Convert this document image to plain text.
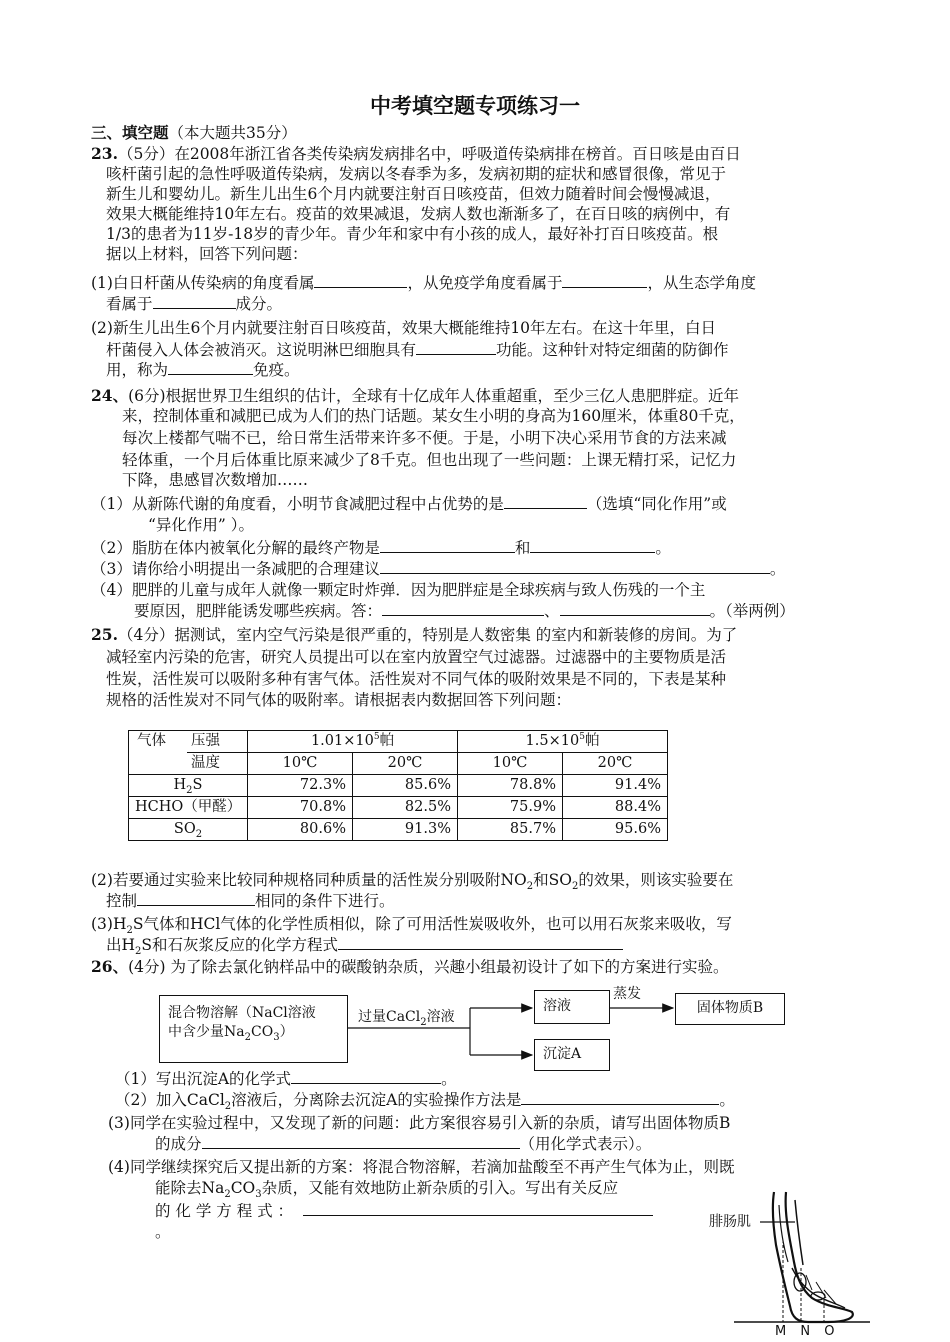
中考填空题专项练习一
三、填空题（本大题共35分）
23.（5分）在2008年浙江省各类传染病发病排名中，呼吸道传染病排在榜首。百日咳是由百日
咳杆菌引起的急性呼吸道传染病，发病以冬春季为多，发病初期的症状和感冒很像，常见于
新生儿和婴幼儿。新生儿出生6个月内就要注射百日咳疫苗，但效力随着时间会慢慢减退，
效果大概能维持10年左右。疫苗的效果减退，发病人数也渐渐多了，在百日咳的病例中，有
1/3的患者为11岁-18岁的青少年。青少年和家中有小孩的成人，最好补打百日咳疫苗。根
据以上材料，回答下列问题：
(1)白日杆菌从传染病的角度看属	，从免疫学角度看属于	，从生态学角度
看属于	成分。
(2)新生儿出生6个月内就要注射百日咳疫苗，效果大概能维持10年左右。在这十年里，白日
杆菌侵入人体会被消灭。这说明淋巴细胞具有	功能。这种针对特定细菌的防御作
用，称为	免疫。
24、(6分)根据世界卫生组织的估计，全球有十亿成年人体重超重，至少三亿人患肥胖症。近年
来，控制体重和减肥已成为人们的热门话题。某女生小明的身高为160厘米，体重80千克，
每次上楼都气喘不已，给日常生活带来许多不便。于是，小明下决心采用节食的方法来减
轻体重，一个月后体重比原来减少了8千克。但也出现了一些问题：上课无精打采，记忆力
下降，患感冒次数增加……
（1）从新陈代谢的角度看，小明节食减肥过程中占优势的是	（选填“同化作用”或
“异化作用” ）。
（2）脂肪在体内被氧化分解的最终产物是	和	。
（3）请你给小明提出一条减肥的合理建议	。
（4）肥胖的儿童与成年人就像一颗定时炸弹．因为肥胖症是全球疾病与致人伤残的一个主
要原因，肥胖能诱发哪些疾病。答：	、	。（举两例）
25.（4分）据测试，室内空气污染是很严重的，特别是人数密集 的室内和新装修的房间。为了
减轻室内污染的危害，研究人员提出可以在室内放置空气过滤器。过滤器中的主要物质是活
性炭，活性炭可以吸附多种有害气体。活性炭对不同气体的吸附效果是不同的，下表是某种
规格的活性炭对不同气体的吸附率。请根据表内数据回答下列问题：
气体	压强	$1.01\times 10^5$帕		$1.5\times 10^5$帕	
	温度	10℃	20℃	10℃	20℃
$H_2S$		72.3%	85.6%	78.8%	91.4%
HCHO（甲醛）		70.8%	82.5%	75.9%	88.4%
$SO_2$		80.6%	91.3%	85.7%	95.6%
(2)若要通过实验来比较同种规格同种质量的活性炭分别吸附$NO_2$和$SO_2$的效果，则该实验要在
控制	相同的条件下进行。
$(3)H_2S$气体和HCl气体的化学性质相似，除了可用活性炭吸收外，也可以用石灰浆来吸收，写
出$H_2S$和石灰浆反应的化学方程式
26、(4分) 为了除去氯化钠样品中的碳酸钠杂质，兴趣小组最初设计了如下的方案进行实验。
混合物溶解（NaCl溶液
中含少量$Na_2CO_3$）
过量CaCl$_2$溶液
溶液
蒸发
固体物质B
沉淀A
（1）写出沉淀A的化学式	。
（2）加入CaCl$_2$溶液后，分离除去沉淀A的实验操作方法是	。
(3)同学在实验过程中，又发现了新的问题：此方案很容易引入新的杂质，请写出固体物质B
的成分	（用化学式表示）。
(4)同学继续探究后又提出新的方案：将混合物溶解，若滴加盐酸至不再产生气体为止，则既
能除去$Na_2CO_3$杂质，又能有效地防止新杂质的引入。写出有关反应
的 化 学 方 程 式 ：
。
腓肠肌
M N O
